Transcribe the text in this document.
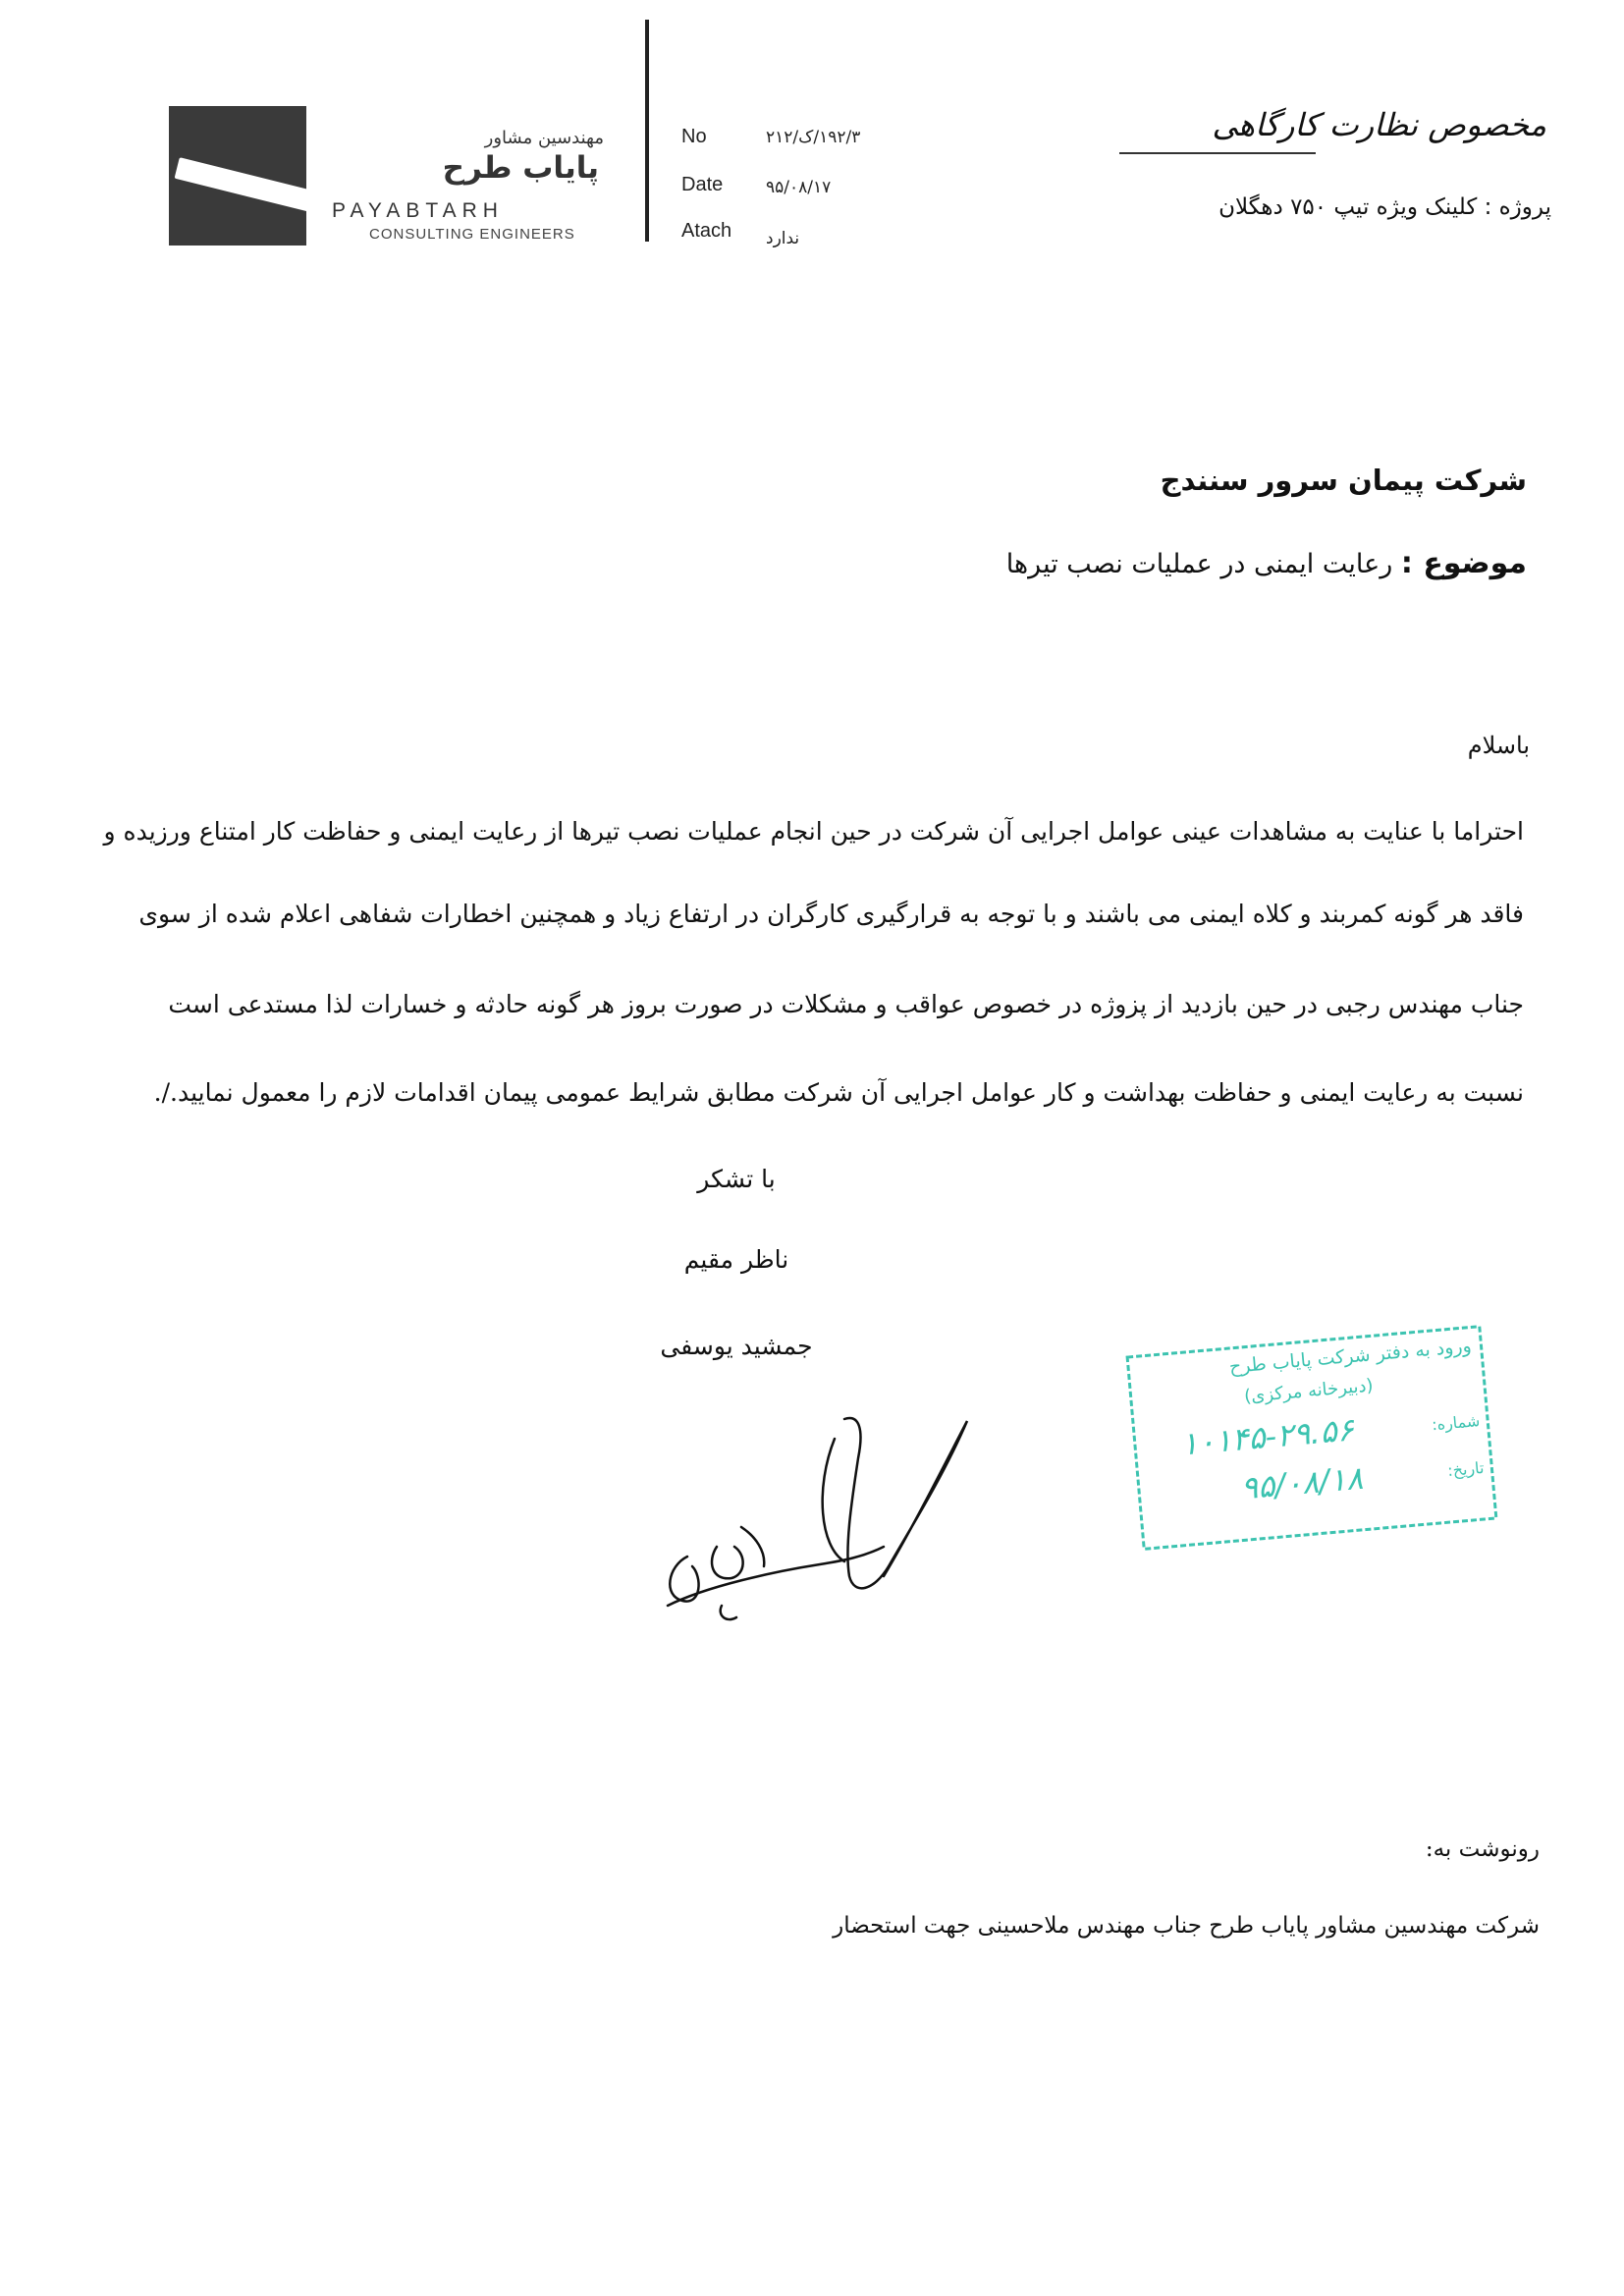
مهندسین مشاور
پایاب طرح
PAYABTARH
CONSULTING ENGINEERS
No	۱۹۲/۳/ک/۲۱۲
Date	۹۵/۰۸/۱۷
Atach ندارد
مخصوص نظارت کارگاهی
پروژه : کلینک ویژه تیپ ۷۵۰ دهگلان
شرکت پیمان سرور سنندج
موضوع : رعایت ایمنی در عملیات نصب تیرها
باسلام
احتراما با عنایت به مشاهدات عینی عوامل اجرایی آن شرکت در حین انجام عملیات نصب تیرها از رعایت ایمنی و حفاظت کار امتناع ورزیده و
فاقد هر گونه کمربند و کلاه ایمنی می باشند و با توجه به قرارگیری کارگران در ارتفاع زیاد و همچنین اخطارات شفاهی اعلام شده از سوی
جناب مهندس رجبی در حین بازدید از پزوژه در خصوص عواقب و مشکلات در صورت بروز هر گونه حادثه و خسارات لذا مستدعی است
نسبت به رعایت ایمنی و حفاظت بهداشت و کار عوامل اجرایی آن شرکت مطابق شرایط عمومی پیمان اقدامات لازم را معمول نمایید./.
با تشکر
ناظر مقیم
جمشید یوسفی	ورود به دفتر شرکت پایاب طرح
(دبیرخانه مرکزی)
شماره:
۱۰۱۴۵-۲۹.۵۶
تاریخ:
۹۵/۰۸/۱۸
رونوشت به:
شرکت مهندسین مشاور پایاب طرح جناب مهندس ملاحسینی جهت استحضار
